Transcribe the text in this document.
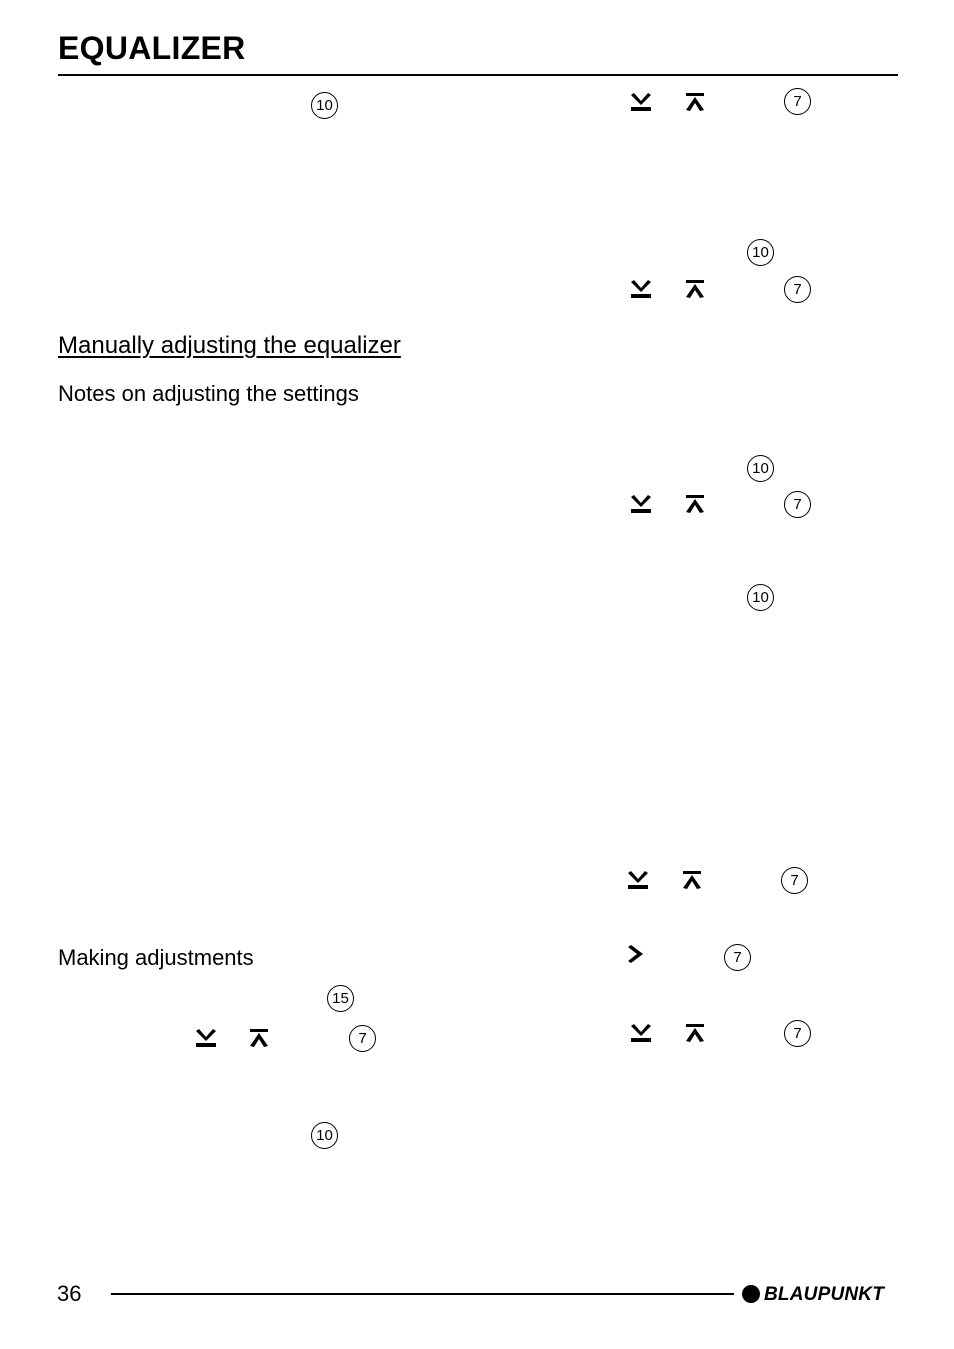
EQUALIZER
10
Manually adjusting the equalizer
Notes on adjusting the settings
Making adjustments
15
7
10
7
10
7
10
7
10
7
7
7
36	BLAUPUNKT
